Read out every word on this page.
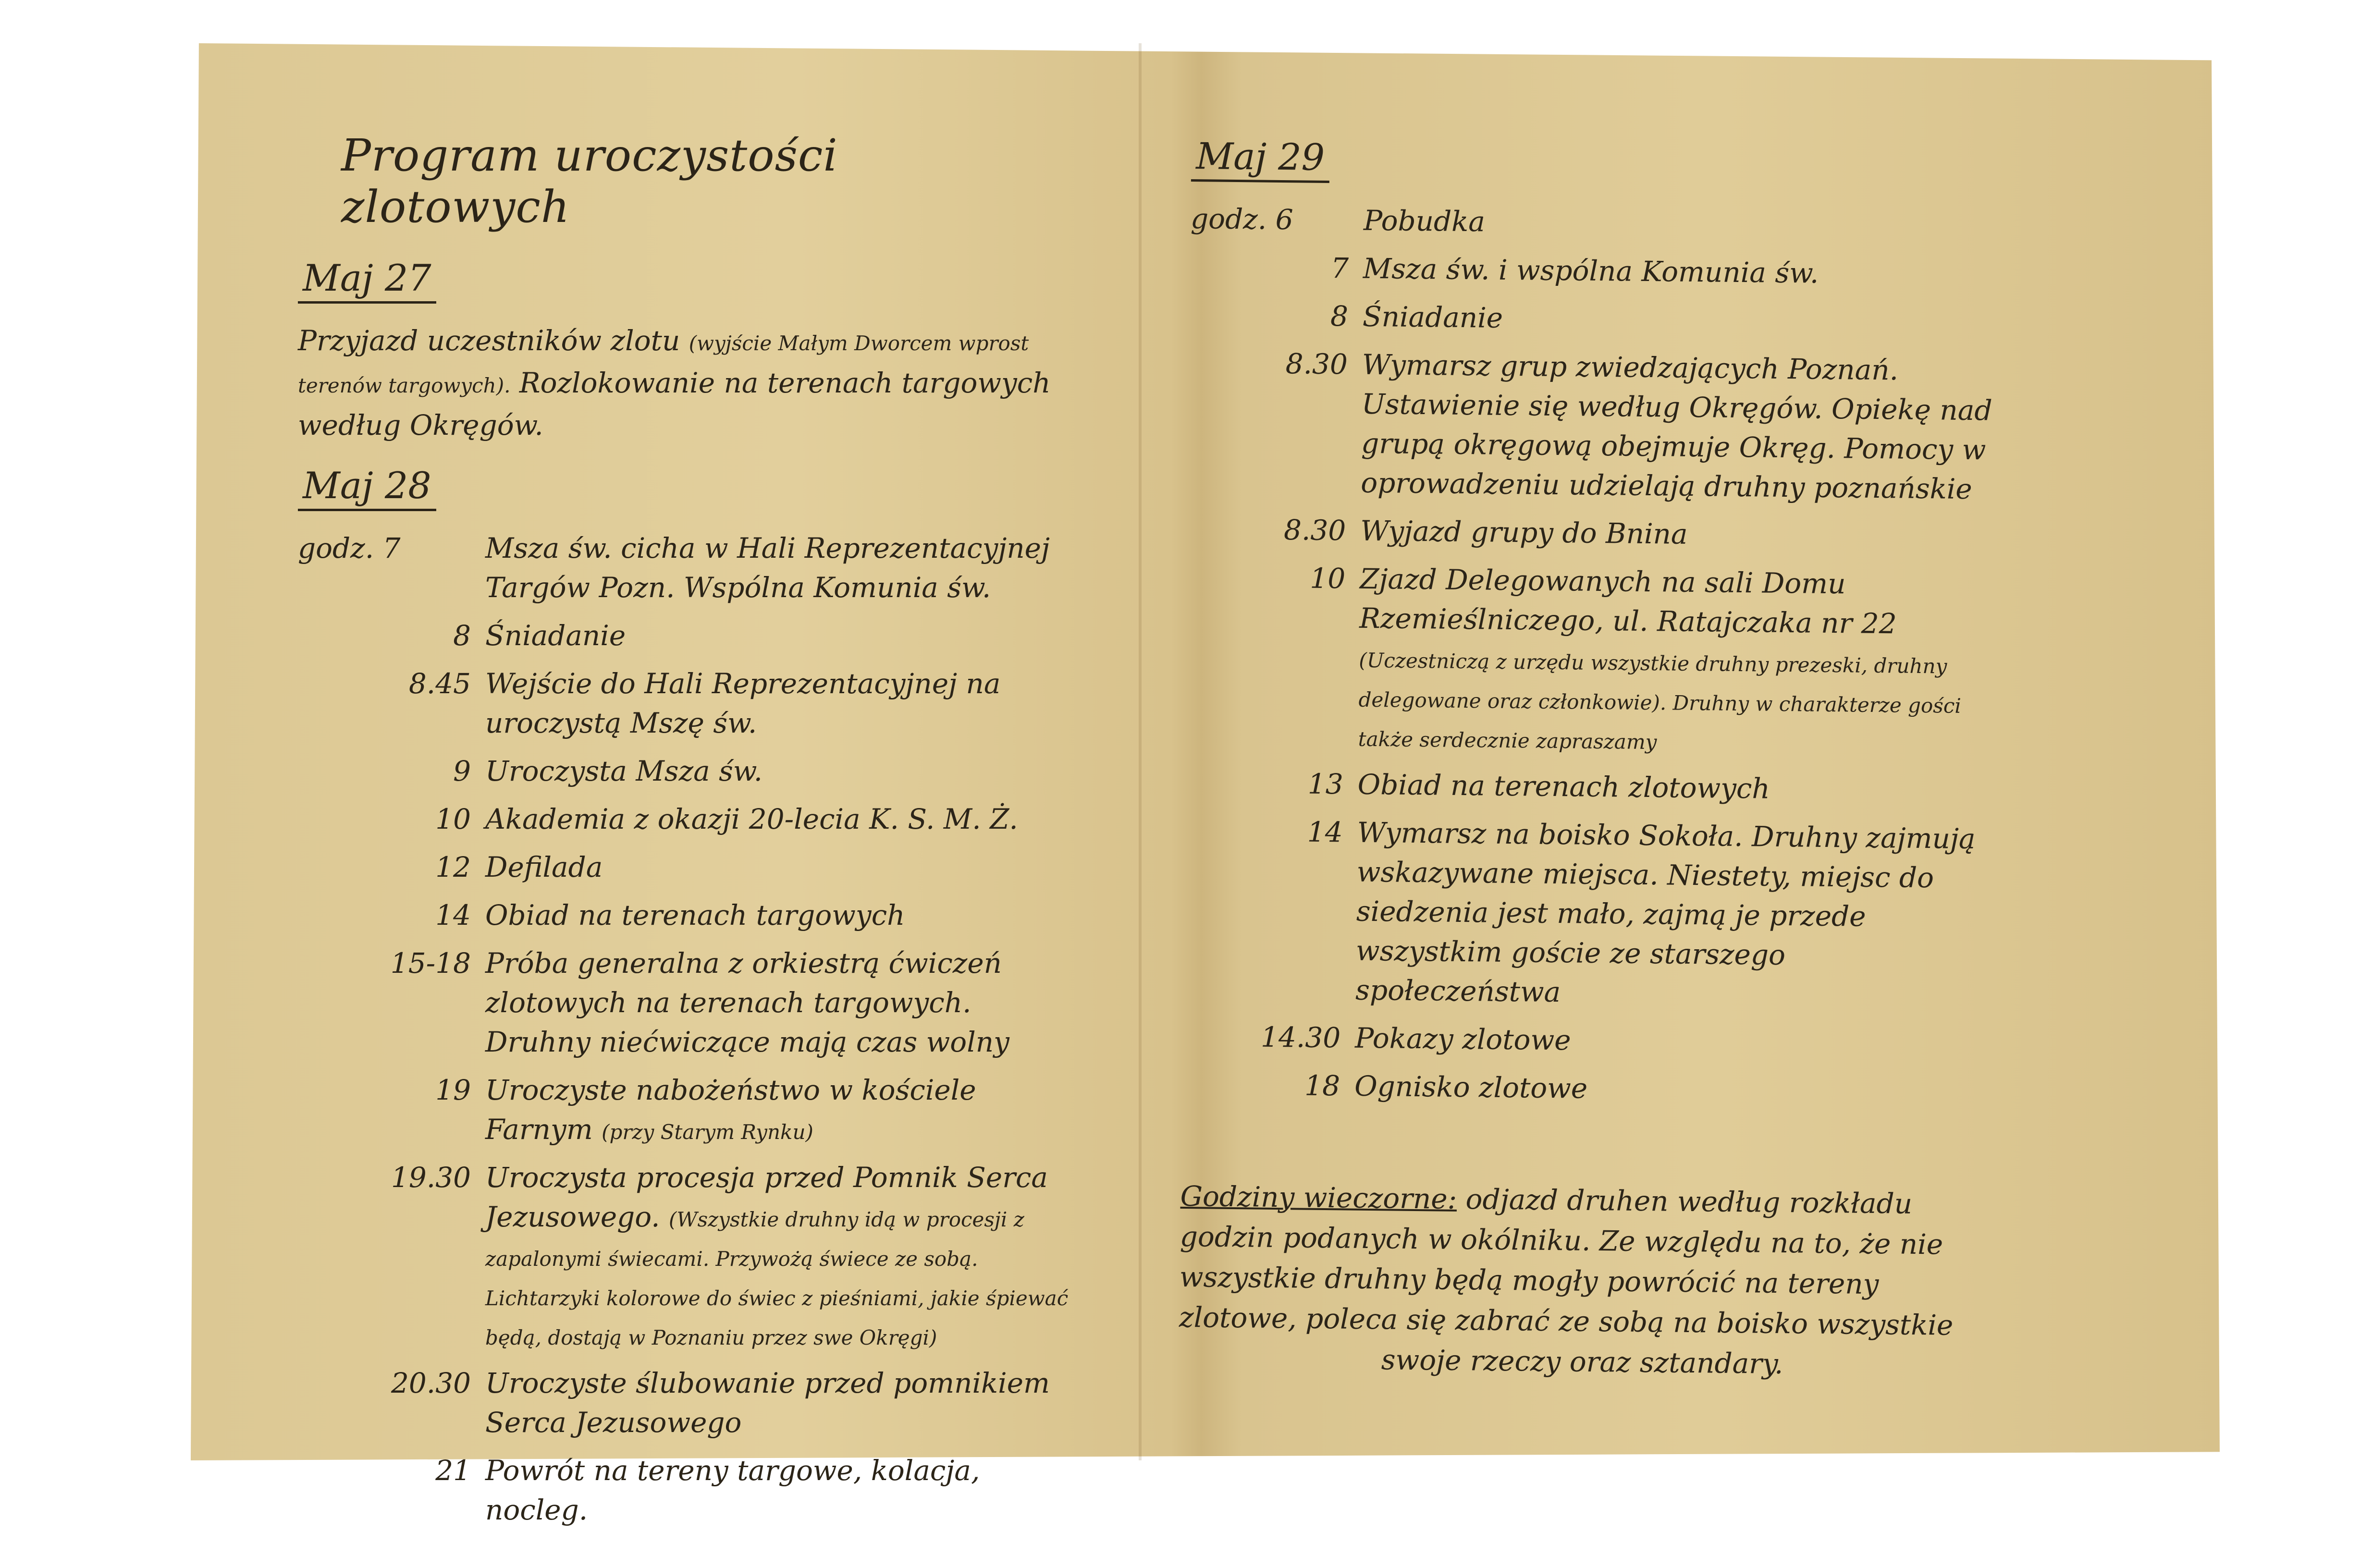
Program uroczystości zlotowych
Maj 27
Przyjazd uczestników zlotu (wyjście Małym Dworcem wprost terenów targowych). Rozlokowanie na terenach targowych według Okręgów.
Maj 28
godz. 7	Msza św. cicha w Hali Reprezentacyjnej Targów Pozn. Wspólna Komunia św.
8 Śniadanie
8.45 Wejście do Hali Reprezentacyjnej na uroczystą Mszę św.
9 Uroczysta Msza św.
10 Akademia z okazji 20-lecia K. S. M. Ż.
12 Defilada
14 Obiad na terenach targowych
15-18 Próba generalna z orkiestrą ćwiczeń zlotowych na terenach targowych. Druhny niećwiczące mają czas wolny
19 Uroczyste nabożeństwo w kościele Farnym (przy Starym Rynku)
19.30 Uroczysta procesja przed Pomnik Serca Jezusowego. (Wszystkie druhny idą w procesji z zapalonymi świecami. Przywożą świece ze sobą. Lichtarzyki kolorowe do świec z pieśniami, jakie śpiewać będą, dostają w Poznaniu przez swe Okręgi)
20.30 Uroczyste ślubowanie przed pomnikiem Serca Jezusowego
21 Powrót na tereny targowe, kolacja, nocleg.
Maj 29
godz. 6	Pobudka
7 Msza św. i wspólna Komunia św.
8 Śniadanie
8.30 Wymarsz grup zwiedzających Poznań. Ustawienie się według Okręgów. Opiekę nad grupą okręgową obejmuje Okręg. Pomocy w oprowadzeniu udzielają druhny poznańskie
8.30 Wyjazd grupy do Bnina
10 Zjazd Delegowanych na sali Domu Rzemieślniczego, ul. Ratajczaka nr 22 (Uczestniczą z urzędu wszystkie druhny prezeski, druhny delegowane oraz członkowie). Druhny w charakterze gości także serdecznie zapraszamy
13 Obiad na terenach zlotowych
14 Wymarsz na boisko Sokoła. Druhny zajmują wskazywane miejsca. Niestety, miejsc do siedzenia jest mało, zajmą je przede wszystkim goście ze starszego społeczeństwa
14.30 Pokazy zlotowe
18 Ognisko zlotowe
Godziny wieczorne: odjazd druhen według rozkładu godzin podanych w okólniku. Ze względu na to, że nie wszystkie druhny będą mogły powrócić na tereny zlotowe, poleca się zabrać ze sobą na boisko wszystkie
swoje rzeczy oraz sztandary.
